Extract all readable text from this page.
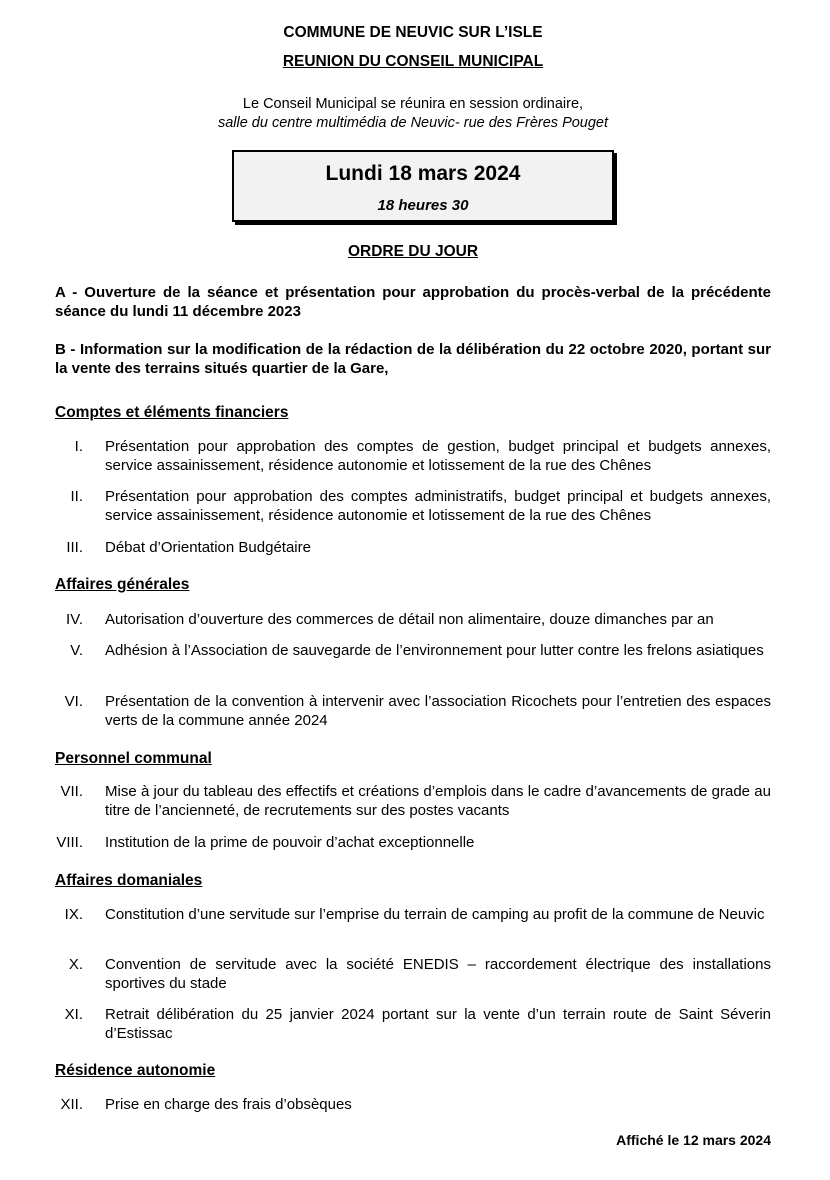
COMMUNE DE NEUVIC SUR L’ISLE
REUNION DU CONSEIL MUNICIPAL
Le Conseil Municipal se réunira en session ordinaire,
salle du centre multimédia de Neuvic- rue des Frères Pouget
Lundi 18 mars 2024
18 heures 30
ORDRE DU JOUR
A - Ouverture de la séance et présentation pour approbation du procès-verbal de la précédente séance du lundi 11 décembre 2023
B - Information sur la modification de la rédaction de la délibération du 22 octobre 2020, portant sur la vente des terrains situés quartier de la Gare,
Comptes et éléments financiers
I. Présentation pour approbation des comptes de gestion, budget principal et budgets annexes, service assainissement, résidence autonomie et lotissement de la rue des Chênes
II. Présentation pour approbation des comptes administratifs, budget principal et budgets annexes, service assainissement, résidence autonomie et lotissement de la rue des Chênes
III. Débat d’Orientation Budgétaire
Affaires générales
IV. Autorisation d’ouverture des commerces de détail non alimentaire, douze dimanches par an
V. Adhésion à l’Association de sauvegarde de l’environnement pour lutter contre les frelons asiatiques
VI. Présentation de la convention à intervenir avec l’association Ricochets pour l’entretien des espaces verts de la commune année 2024
Personnel communal
VII. Mise à jour du tableau des effectifs et créations d’emplois dans le cadre d’avancements de grade au titre de l’ancienneté, de recrutements sur des postes vacants
VIII. Institution de la prime de pouvoir d’achat exceptionnelle
Affaires domaniales
IX. Constitution d’une servitude sur l’emprise du terrain de camping au profit de la commune de Neuvic
X. Convention de servitude avec la société ENEDIS – raccordement électrique des installations sportives du stade
XI. Retrait délibération du 25 janvier 2024 portant sur la vente d’un terrain route de Saint Séverin d’Estissac
Résidence autonomie
XII. Prise en charge des frais d’obsèques
Affiché le 12 mars 2024
